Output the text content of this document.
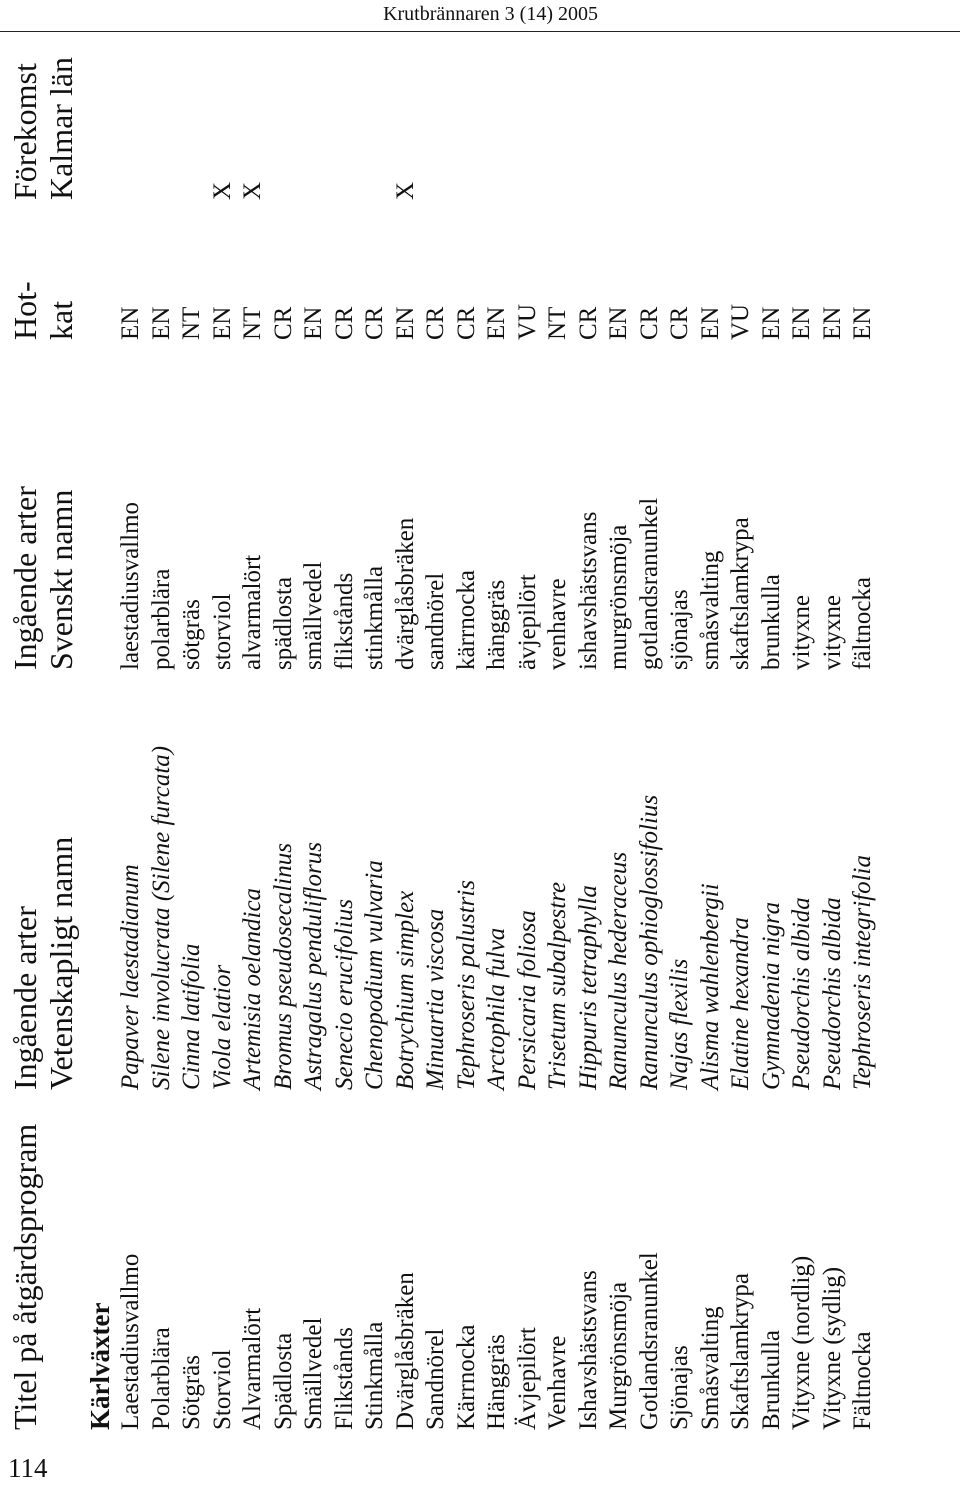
Krutbrännaren 3 (14) 2005
114
Titel på åtgärdsprogram
Ingående arter
Ingående arter
Hot-
Förekomst
Vetenskapligt namn
Svenskt namn
kat
Kalmar län
Kärlväxter Laestadiusvallmo
Papaver laestadianum
laestadiusvallmo
EN
Polarblära
Silene involucrata (Silene furcata)
polarblära
EN
Sötgräs
Cinna latifolia
sötgräs
NT
Storviol
Viola elatior
storviol
EN
X
Alvarmalört
Artemisia oelandica
alvarmalört
NT
X
Spädlosta
Bromus pseudosecalinus
spädlosta
CR
Smällvedel
Astragalus penduliflorus
smällvedel
EN
Flikstånds
Senecio erucifolius
flikstånds
CR
Stinkmålla
Chenopodium vulvaria
stinkmålla
CR
Dvärglåsbräken
Botrychium simplex
dvärglåsbräken
EN
X
Sandnörel
Minuartia viscosa
sandnörel
CR
Kärrnocka
Tephroseris palustris
kärrnocka
CR
Hänggräs
Arctophila fulva
hänggräs
EN
Ävjepilört
Persicaria foliosa
ävjepilört
VU
Venhavre
Trisetum subalpestre
venhavre
NT
Ishavshästsvans
Hippuris tetraphylla
ishavshästsvans
CR
Murgrönsmöja
Ranunculus hederaceus
murgrönsmöja
EN
Gotlandsranunkel
Ranunculus ophioglossifolius
gotlandsranunkel
CR
Sjönajas
Najas flexilis
sjönajas
CR
Småsvalting
Alisma wahlenbergii
småsvalting
EN
Skaftslamkrypa
Elatine hexandra
skaftslamkrypa
VU
Brunkulla
Gymnadenia nigra
brunkulla
EN
Vityxne (nordlig)
Pseudorchis albida
vityxne
EN
Vityxne (sydlig)
Pseudorchis albida
vityxne
EN
Fältnocka
Tephroseris integrifolia
fältnocka
EN
